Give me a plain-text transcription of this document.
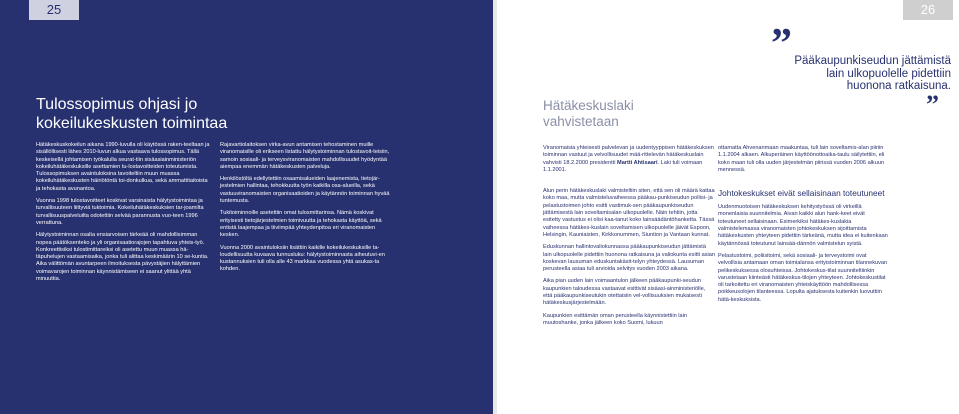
25
Tulossopimus ohjasi jo
kokeilukeskusten toimintaa

Hätäkeskuskokeilun aikana 1990-luvulla oli käytössä raken-teeltaan ja sisällöllisesti lähes 2010-luvun alkua vastaava tulossopimus. Tällä keskeisellä johtamisen työkalulla seurat-tiin sisäasiainministeriön kokeiluhätäkeskuksille asettamien tu-lostavoitteiden toteutumista. Tulossopimuksen avaintuloksina tavoiteltiin muun muassa kokeiluhätäkeskusten häiriötöntä toi-donkulkua, sekä ammattitaitoista ja tehokasta avunantoa.

Vuonna 1998 tulostavoitteet koskivat varsinaista hälytystoimintaa ja turvallisuuteen liittyviä tuktoimia. Kokeiluhätäkeskuksien tar-joamilta turvallisuuspalveluilta odotettiin selvää parannusta vuo-teen 1996 verrattuna.

Hälytystoiminnan osalta ensiarvoisen tärkeää oli mahdollisimman nopea päätöksenteko ja yli organisaatiorajojen tapahtuva yhteis-työ. Konkreettisiksi tulostimittareiksi oli asetettu muun muassa hä-täpuhelujen vastaamisaika, jonka tuli alittaa keskimäärin 10 se-kuntia. Aika välittömän avuntarpeen ilmoituksesta pävystäjien hälyttämien voimavarojen toiminnan käynnistämiseen ei saanut ylittää yhtä minuuttia.

Rajavartiolaitoksen virka-avun antamisen tehostaminen muille viranomaisille oli erikseen listattu hälytystoiminnan tulostavoit-teisiin, samoin sosiaali- ja terveysviranomaisten mahdollisuudet hyödyntää aiempaa enemmän hätäkeskusten palveluja.

Henkilöstöltä edellytettiin osaamisalueiden laajenemista, tietojär-jestelmien hallintaa, tehokkuutta työn kaikilla osa-alueilla, sekä vastuuviranomaisten organisaatioiden ja käytännön toiminnan hyvää tuntemusta.

Tukitoiminnoille asetettiin omat tulosmittarinsa. Nämä koskivat erityisesti tietojärjestelmien toimivuutta ja tehokasta käyttöä, sekä entistä laajempaa ja tiiviimpää yhteydenpitoa eri viranomaisten kesken.

Vuonna 2000 avaintuloksiin lisättiin kaikille kokeilukeskuksille ta-loudellisuutta kuvaava tunnusluku: hälytystoiminnasta aiheutuvi-en kustannuksien tuli olla alle 43 markkaa vuodessa yhtä asukas-ta kohden.

26
” Pääkaupunkiseudun jättämistä
lain ulkopuolelle pidettiin
huonona ratkaisuna.
”
Hätäkeskuslaki
vahvistetaan

Viranomaisia yhteisesti palvelevan ja uudentyyppisen hätäkeskuksen toiminnan vastuut ja velvollisuudet mää-rittelevän hätäkeskuslain vahvisti 18.2.2000 presidentti Martti Ahtisaari. Laki tuli voimaan 1.1.2001.

Alun perin hätäkeskuslaki valmisteltiin siten, että sen oli määrä kattaa koko maa, mutta valmisteluvaiheessa pääkau-punkiseudun poliisi- ja pelastustoimen johto esitti vastimuk-sen pääkaupunkiseudun jättämisestä lain soveltamisalan ulkopuolelle. Näin tehtiin, jotta esitetty vastustus ei olisi kaa-tanut koko lainsäädäntöhanketta. Tässä vaiheessa hätäkes-kuslain soveltamisen ulkopuolelle jäivät Espoon, Helsingin, Kauniaisten, Kirkkonummen, Siuntion ja Vantaan kunnat.

Eduskunnan hallintovaliokunnassa pääkaupunkiseudun jättämistä lain ulkopuolelle pidettiin huonona ratkaisuna ja valiokunta esitti asian koskevan lausuman eduskuntakäsit-telyn yhteydessä. Lausuman perusteella asiaa tuli arvioida selvitys vuoden 2003 aikana.

Aika pian uuden lain voimaantulon jälkeen pääkaupunki-seudun kaupunkien taloudessa vastaavat esittivät sisäasi-ainministeriölle, että pääkaupunkiseutukin otettaisiin vel-vollisuuksien mukaisesti hätäkeskusjärjestelmään.

Kaupunkien esittämän oman perusteella käynnistettiin lain muutoshanke, jonka jälkeen koko Suomi, lukuun

ottamatta Ahvenanmaan maakuntaa, tuli lain soveltamis-alan piiriin 1.1.2004 alkaen. Alkuperäinen käyttöönottoaika-taulu säilytettiin, eli koko maan tuli olla uuden järjestelmän piirissä vuoden 2006 alkuun mennessä.

Johtokeskukset eivät sellaisinaan toteutuneet

Uudenmuotoisen hätäkeskuksen kehitystyössä oli virkeillä monenlaisia suunnitelmia. Aivan kaikki alun hank-keet eivät toteutuneet sellaisinaan. Esimerkiksi hätäkes-kuslakia valmistelemassa viranomaisten johtokeskuksen sijoittamista hätäkeskusten yhteyteen pidettiin tärkeänä, mutta idea ei kuitenkaan käytännössä toteutunut lainsää-dännön valmistelun syistä.

Pelastustoimi, poliisitoimi, sekä sosiaali- ja terveystoimi ovat velvollisia antamaan oman toimialansa erityistoiminnan tilannekuvan pelikeskuksessa olosuhteissa. Johtokeskus-tilat suunniteltiinkin varustetaan kiinteästi hätäkeskus-tilojen yhteyteen. Johtokeskustilat oli tarkoitettu eri viranomaisten yhteiskäyttöön mahdollisessa poikkeusolojen tilanteessa. Lopulta ajatuksesta kuitenkin luovuttiin hätä-keskuksista.
